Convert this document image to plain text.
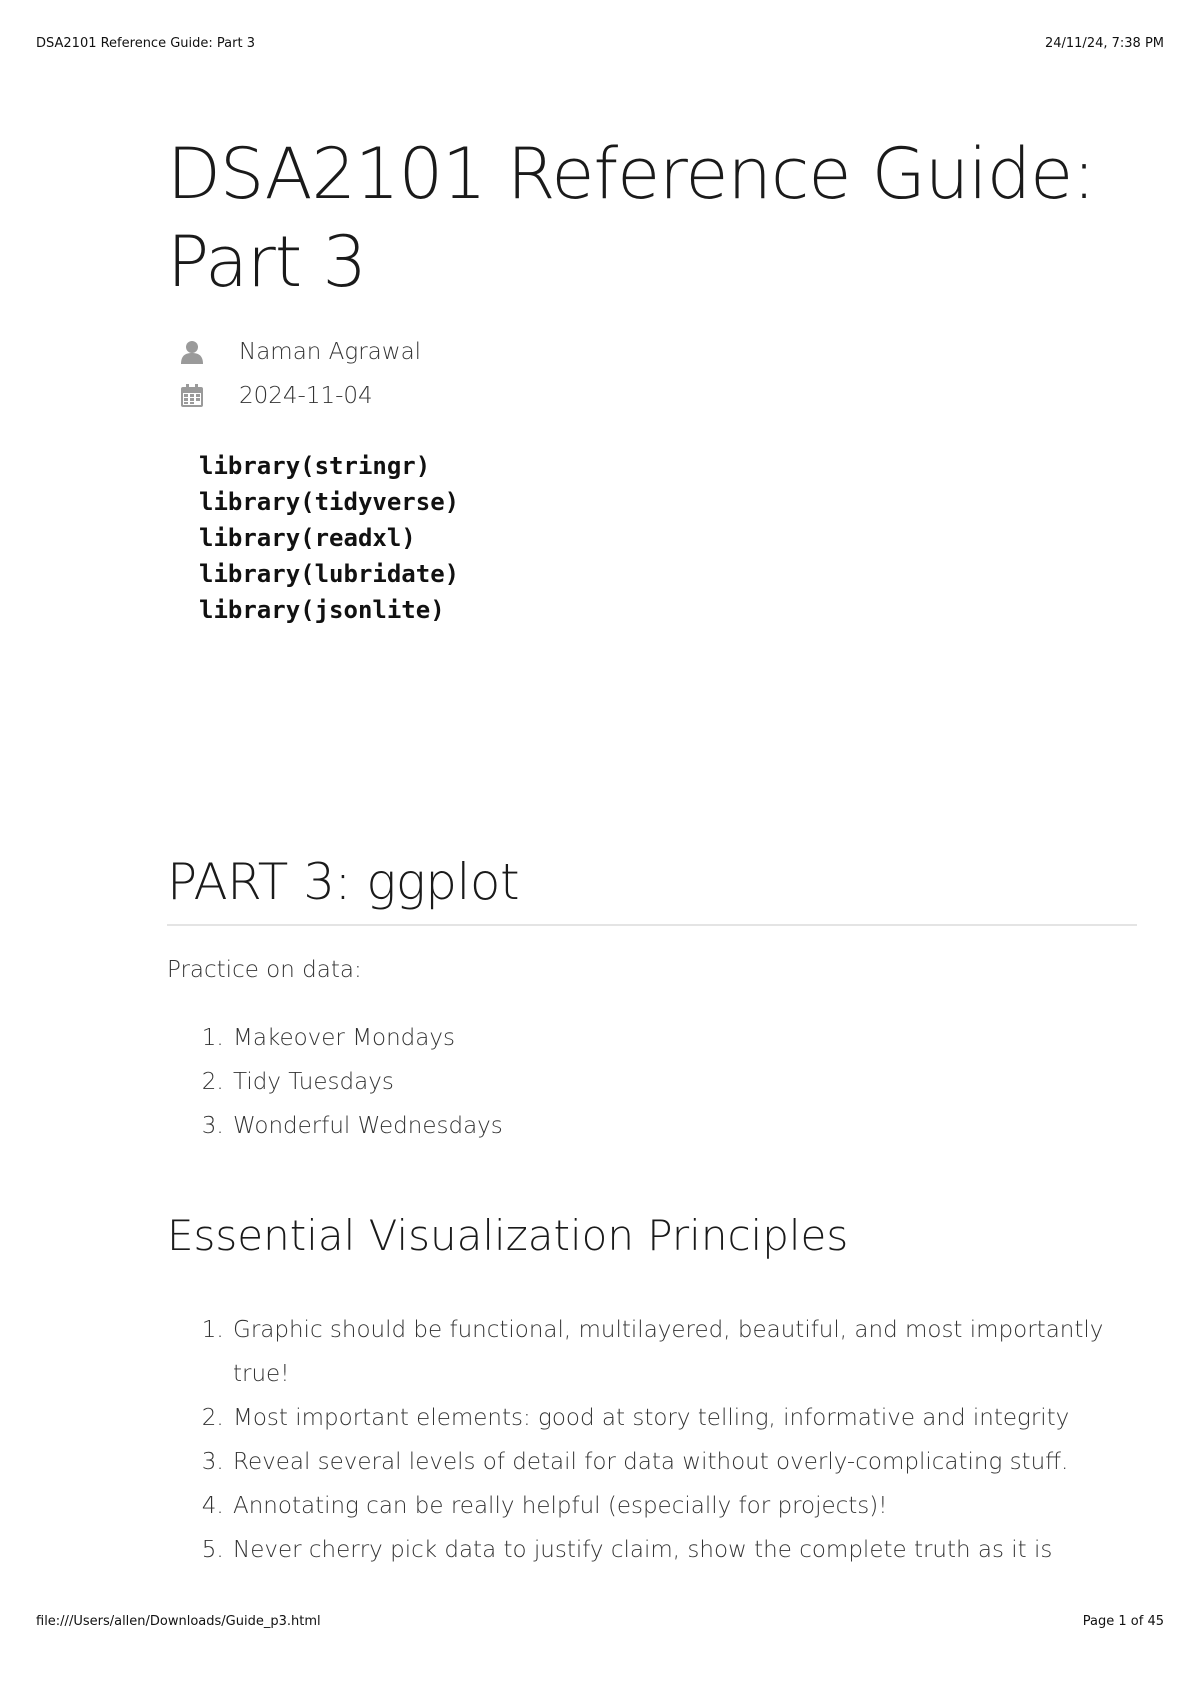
DSA2101 Reference Guide: Part 3	24/11/24, 7:38 PM
DSA2101 Reference Guide:
Part 3
Naman Agrawal
2024-11-04
library(stringr)
library(tidyverse)
library(readxl)
library(lubridate)
library(jsonlite)
PART 3: ggplot

Practice on data:

1. Makeover Mondays
2. Tidy Tuesdays
3. Wonderful Wednesdays
Essential Visualization Principles
1. Graphic should be functional, multilayered, beautiful, and most importantly true!
2. Most important elements: good at story telling, informative and integrity
3. Reveal several levels of detail for data without overly-complicating stuff.
4. Annotating can be really helpful (especially for projects)!
5. Never cherry pick data to justify claim, show the complete truth as it is
file:///Users/allen/Downloads/Guide_p3.html	Page 1 of 45
